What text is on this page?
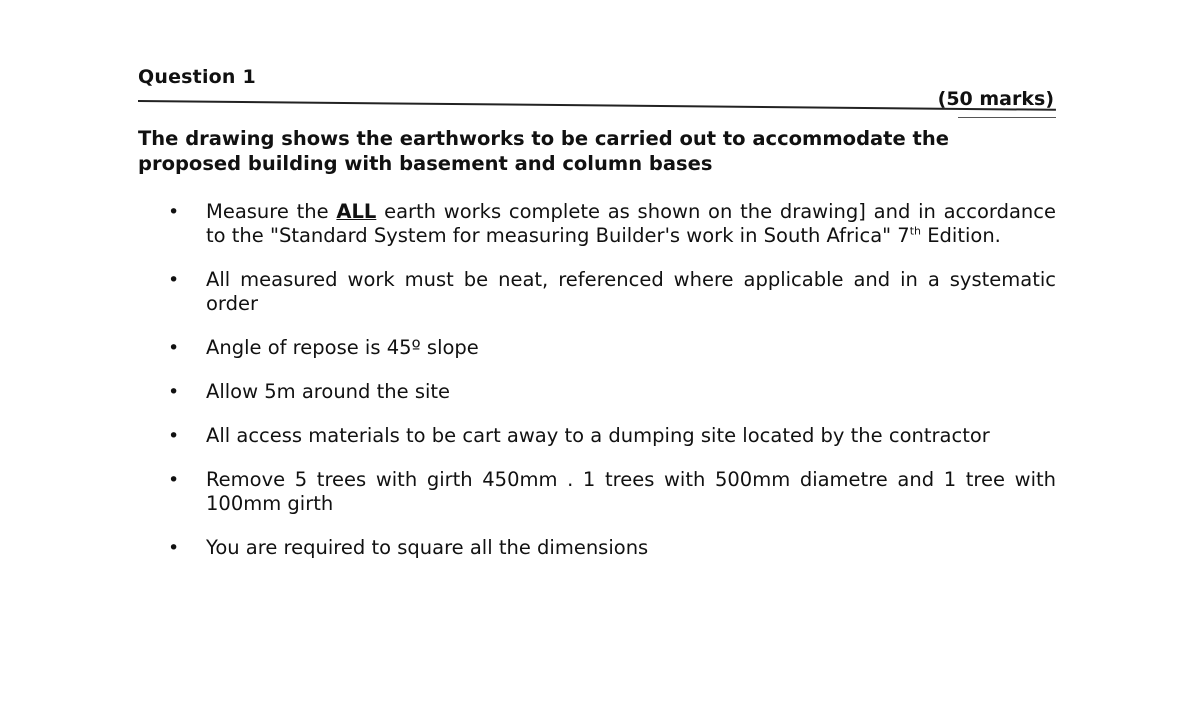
Question 1
(50 marks)
The drawing shows the earthworks to be carried out to accommodate the proposed building with basement and column bases
• Measure the ALL earth works complete as shown on the drawing] and in accordance to the "Standard System for measuring Builder's work in South Africa" 7th Edition.
• All measured work must be neat, referenced where applicable and in a systematic order
• Angle of repose is 45º slope
• Allow 5m around the site
• All access materials to be cart away to a dumping site located by the contractor
• Remove 5 trees with girth 450mm . 1 trees with 500mm diametre and 1 tree with 100mm girth
• You are required to square all the dimensions
